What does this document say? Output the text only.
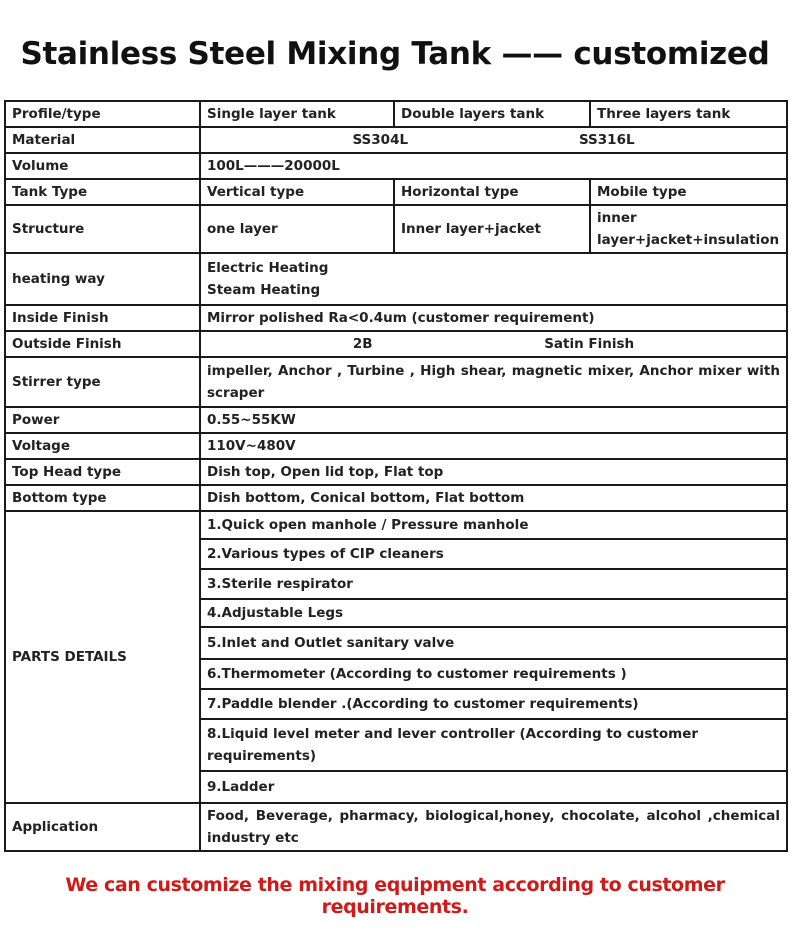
Stainless Steel Mixing Tank —— customized
Profile/type	Single layer tank	Double layers tank	Three layers tank
Material	SS304L SS316L		

Volume	100L———20000L		
Tank Type	Vertical type	Horizontal type	Mobile type
Structure	one layer	Inner layer+jacket	inner
layer+jacket+insulation

heating way	Electric Heating
Steam Heating		

Inside Finish	Mirror polished Ra<0.4um (customer requirement)		
Outside Finish	2B Satin Finish		

Stirrer type	impeller, Anchor , Turbine , High shear, magnetic mixer, Anchor mixer with scraper		
Power	0.55~55KW		
Voltage	110V~480V		
Top Head type	Dish top, Open lid top, Flat top		
Bottom type	Dish bottom, Conical bottom, Flat bottom		
PARTS DETAILS	1.Quick open manhole / Pressure manhole		
	2.Various types of CIP cleaners		
	3.Sterile respirator		
	4.Adjustable Legs		
	5.Inlet and Outlet sanitary valve		
	6.Thermometer (According to customer requirements )		
	7.Paddle blender .(According to customer requirements)		
	8.Liquid level meter and lever controller (According to customer requirements)		
	9.Ladder		
Application	Food, Beverage, pharmacy, biological,honey, chocolate, alcohol ,chemical industry etc		
We can customize the mixing equipment according to customer requirements.
